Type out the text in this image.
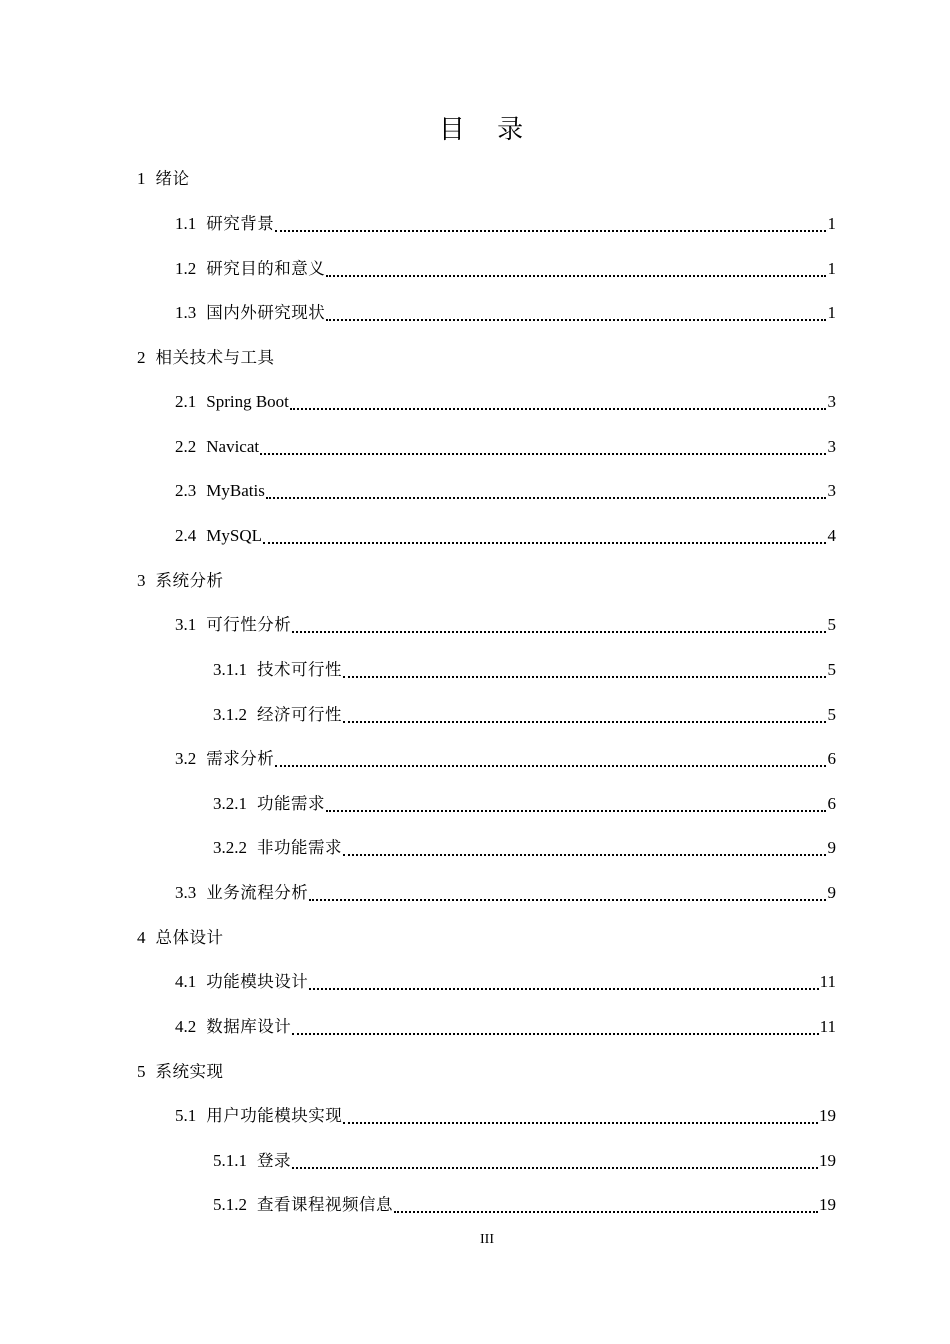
目 录
1 绪论
1.1 研究背景	1
1.2 研究目的和意义	1
1.3 国内外研究现状	1
2 相关技术与工具
2.1 Spring Boot	3
2.2 Navicat	3
2.3 MyBatis	3
2.4 MySQL	4
3 系统分析
3.1 可行性分析	5
3.1.1 技术可行性	5
3.1.2 经济可行性	5
3.2 需求分析	6
3.2.1 功能需求	6
3.2.2 非功能需求	9
3.3 业务流程分析	9
4 总体设计
4.1 功能模块设计	11
4.2 数据库设计	11
5 系统实现
5.1 用户功能模块实现	19
5.1.1 登录	19
5.1.2 查看课程视频信息	19
III
